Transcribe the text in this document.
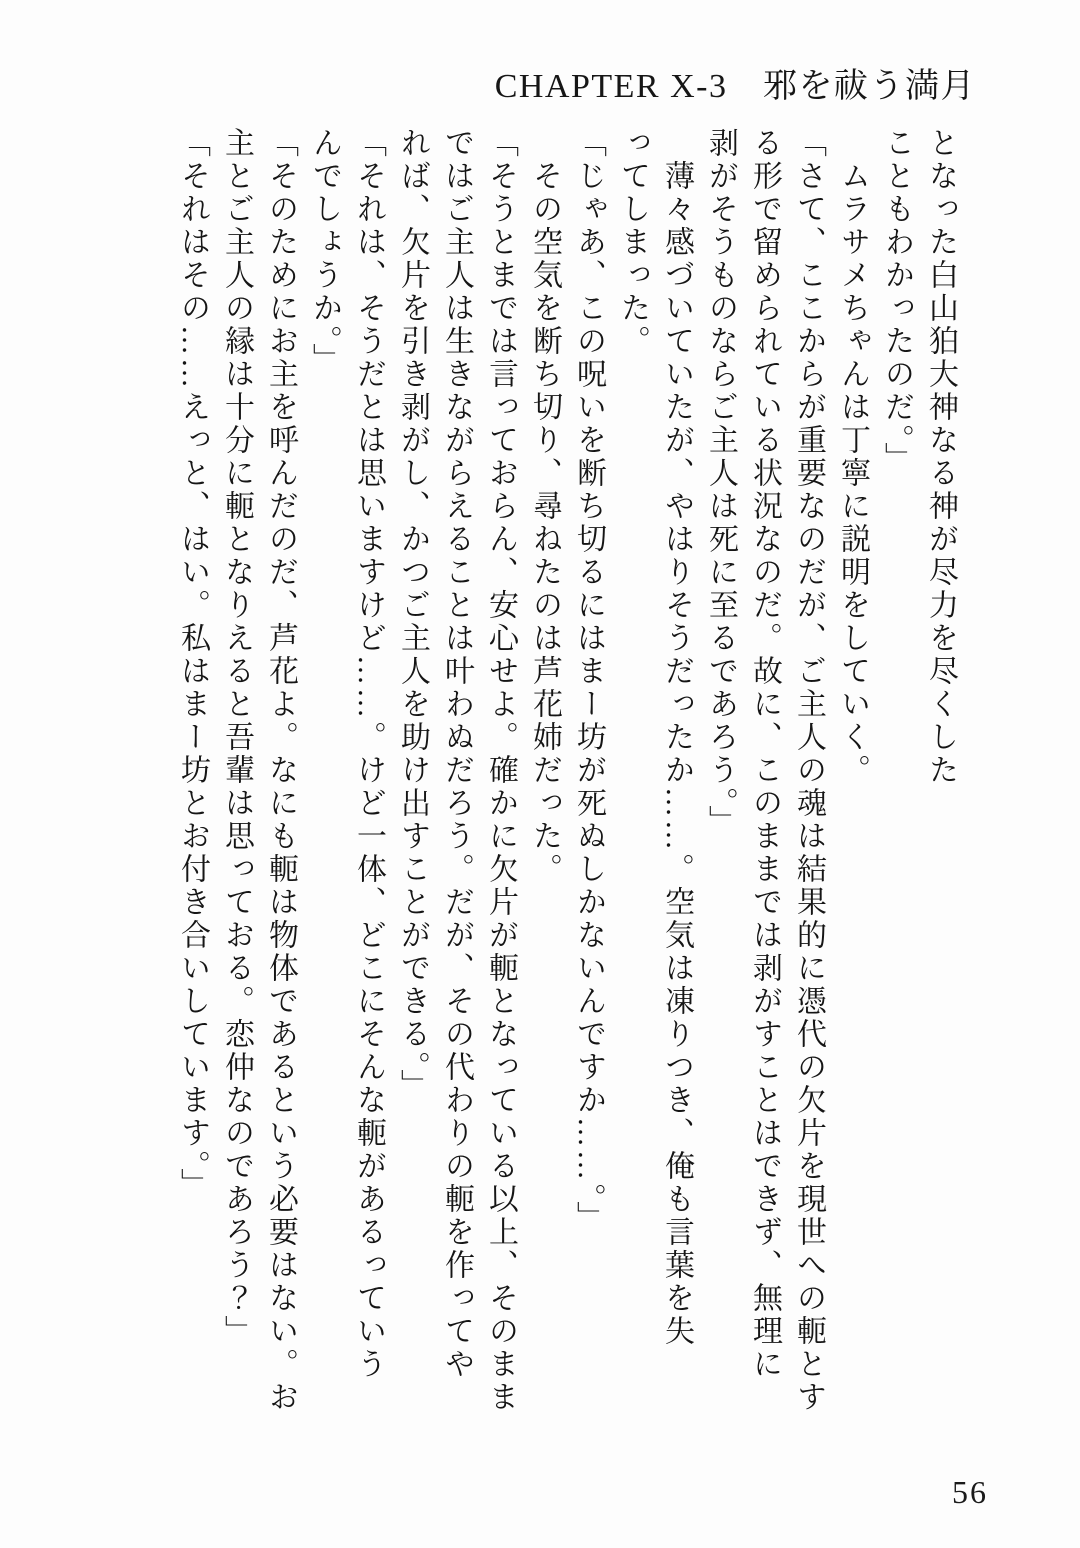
CHAPTER X-3　邪を祓う満月
となった白山狛大神なる神が尽力を尽くした
こともわかったのだ。」
ムラサメちゃんは丁寧に説明をしていく。
「さて、ここからが重要なのだが、ご主人の魂は結果的に憑代の欠片を現世への軛とす
る形で留められている状況なのだ。故に、このままでは剥がすことはできず、無理に
剥がそうものならご主人は死に至るであろう。」
薄々感づいていたが、やはりそうだったか……。空気は凍りつき、俺も言葉を失
ってしまった。
「じゃあ、この呪いを断ち切るにはまー坊が死ぬしかないんですか……。」
その空気を断ち切り、尋ねたのは芦花姉だった。
「そうとまでは言っておらん、安心せよ。確かに欠片が軛となっている以上、そのまま
ではご主人は生きながらえることは叶わぬだろう。だが、その代わりの軛を作ってや
れば、欠片を引き剥がし、かつご主人を助け出すことができる。」
「それは、そうだとは思いますけど……。けど一体、どこにそんな軛があるっていう
んでしょうか。」
「そのためにお主を呼んだのだ、芦花よ。なにも軛は物体であるという必要はない。お
主とご主人の縁は十分に軛となりえると吾輩は思っておる。恋仲なのであろう？」
「それはその……えっと、はい。私はまー坊とお付き合いしています。」
56
